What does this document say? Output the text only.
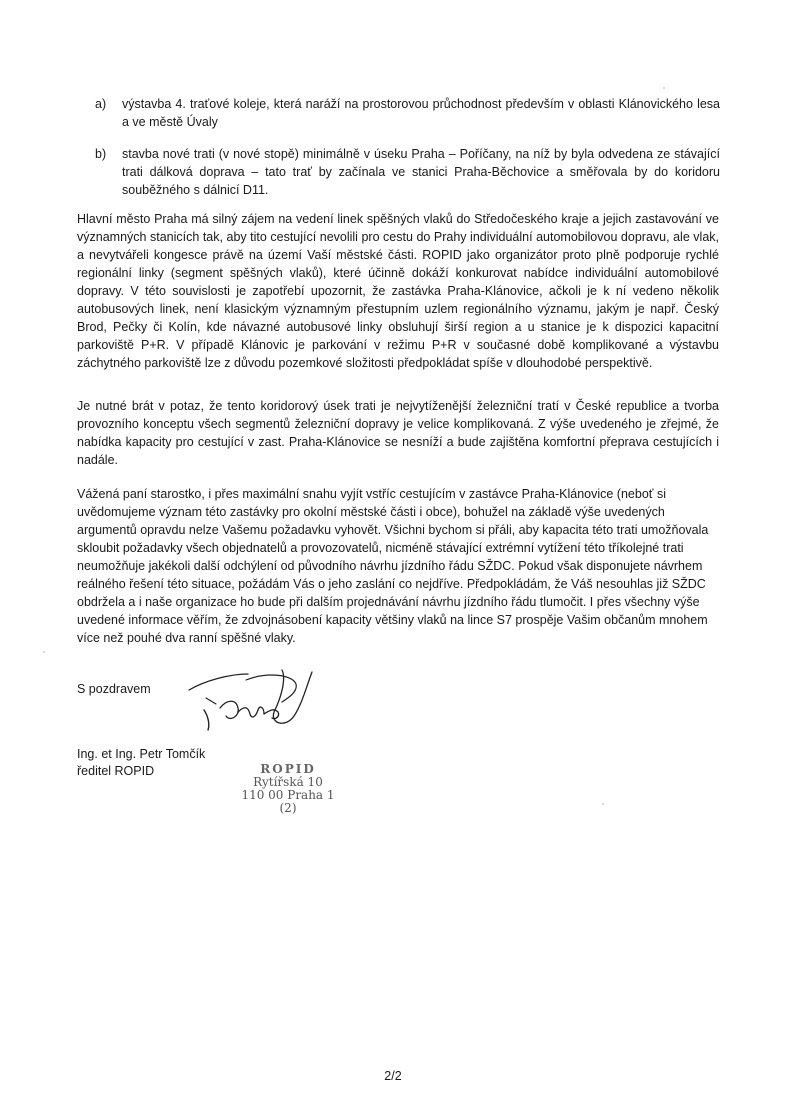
a) výstavba 4. traťové koleje, která naráží na prostorovou průchodnost především v oblasti Klánovického lesa a ve městě Úvaly
b) stavba nové trati (v nové stopě) minimálně v úseku Praha – Poříčany, na níž by byla odvedena ze stávající trati dálková doprava – tato trať by začínala ve stanici Praha-Běchovice a směřovala by do koridoru souběžného s dálnicí D11.

Hlavní město Praha má silný zájem na vedení linek spěšných vlaků do Středočeského kraje a jejich zastavování ve významných stanicích tak, aby tito cestující nevolili pro cestu do Prahy individuální automobilovou dopravu, ale vlak, a nevytvářeli kongesce právě na území Vaší městské části. ROPID jako organizátor proto plně podporuje rychlé regionální linky (segment spěšných vlaků), které účinně dokáží konkurovat nabídce individuální automobilové dopravy. V této souvislosti je zapotřebí upozornit, že zastávka Praha-Klánovice, ačkoli je k ní vedeno několik autobusových linek, není klasickým významným přestupním uzlem regionálního významu, jakým je např. Český Brod, Pečky či Kolín, kde návazné autobusové linky obsluhují širší region a u stanice je k dispozici kapacitní parkoviště P+R. V případě Klánovic je parkování v režimu P+R v současné době komplikované a výstavbu záchytného parkoviště lze z důvodu pozemkové složitosti předpokládat spíše v dlouhodobé perspektivě.

Je nutné brát v potaz, že tento koridorový úsek trati je nejvytíženější železniční tratí v České republice a tvorba provozního konceptu všech segmentů železniční dopravy je velice komplikovaná. Z výše uvedeného je zřejmé, že nabídka kapacity pro cestující v zast. Praha-Klánovice se nesníží a bude zajištěna komfortní přeprava cestujících i nadále.

Vážená paní starostko, i přes maximální snahu vyjít vstříc cestujícím v zastávce Praha-Klánovice (neboť si uvědomujeme význam této zastávky pro okolní městské části i obce), bohužel na základě výše uvedených argumentů opravdu nelze Vašemu požadavku vyhovět. Všichni bychom si přáli, aby kapacita této trati umožňovala skloubit požadavky všech objednatelů a provozovatelů, nicméně stávající extrémní vytížení této tříkolejné trati neumožňuje jakékoli další odchýlení od původního návrhu jízdního řádu SŽDC. Pokud však disponujete návrhem reálného řešení této situace, požádám Vás o jeho zaslání co nejdříve. Předpokládám, že Váš nesouhlas již SŽDC obdržela a i naše organizace ho bude při dalším projednávání návrhu jízdního řádu tlumočit. I přes všechny výše uvedené informace věřím, že zdvojnásobení kapacity většiny vlaků na lince S7 prospěje Vašim občanům mnohem více než pouhé dva ranní spěšné vlaky.

S pozdravem

Ing. et Ing. Petr Tomčík

ředitel ROPID	ROPID
Rytířská 10
110 00 Praha 1
(2)
2/2
